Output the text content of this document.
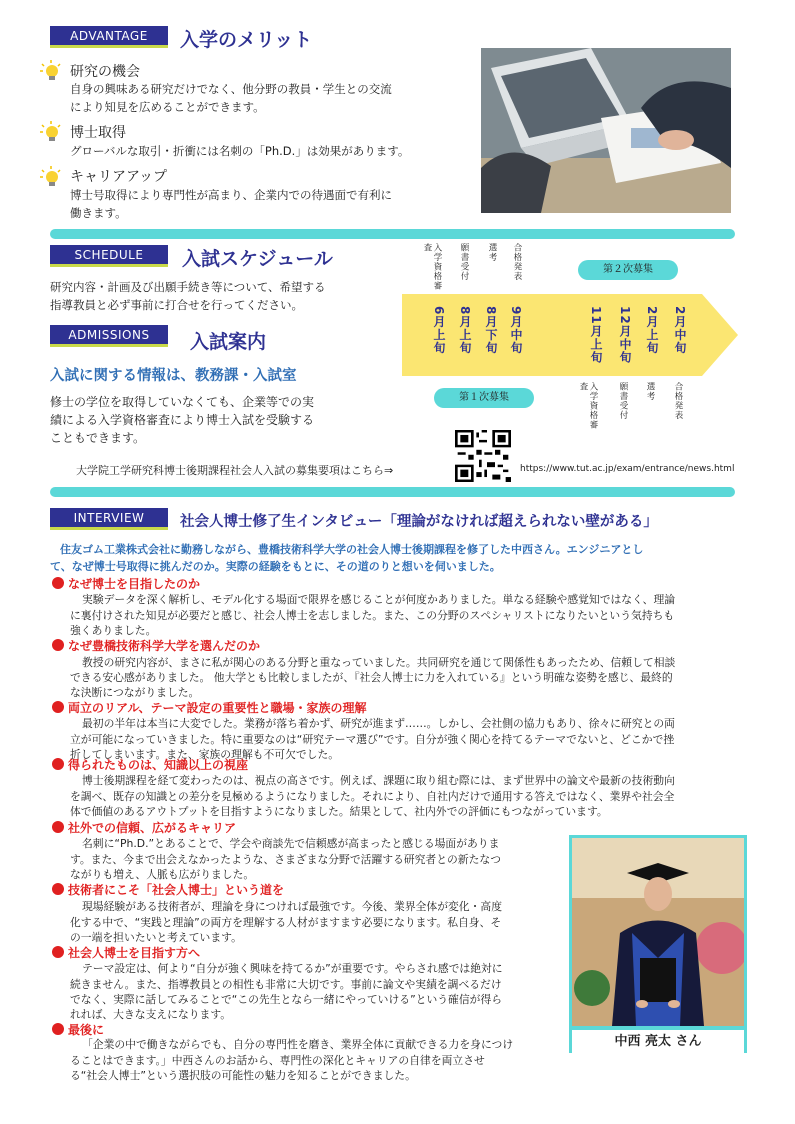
ADVANTAGE	入学のメリット
研究の機会
自身の興味ある研究だけでなく、他分野の教員・学生との交流
により知見を広めることができます。
博士取得
グローバルな取引・折衝には名刺の「Ph.D.」は効果があります。
キャリアアップ
博士号取得により専門性が高まり、企業内での待遇面で有利に
働きます。
SCHEDULE	入試スケジュール
研究内容・計画及び出願手続き等について、希望する
指導教員と必ず事前に打合せを行ってください。
ADMISSIONS	入試案内
入試に関する情報は、教務課・入試室
修士の学位を取得していなくても、企業等での実
績による入学資格審査により博士入試を受験する
こともできます。
入学資格審査	願書受付 選考 合格発表	第２次募集
6月上旬 8月上旬 8月下旬 9月中旬	11月上旬 12月中旬 2月上旬 2月中旬
第１次募集	入学資格審査	願書受付 選考 合格発表
大学院工学研究科博士後期課程社会人入試の募集要項はこちら⇒	https://www.tut.ac.jp/exam/entrance/news.html
INTERVIEW	社会人博士修了生インタビュー「理論がなければ超えられない壁がある」
住友ゴム工業株式会社に勤務しながら、豊橋技術科学大学の社会人博士後期課程を修了した中西さん。エンジニアとし
て、なぜ博士号取得に挑んだのか。実際の経験をもとに、その道のりと想いを伺いました。
なぜ博士を目指したのか
実験データを深く解析し、モデル化する場面で限界を感じることが何度かありました。単なる経験や感覚知ではなく、理論
に裏付けされた知見が必要だと感じ、社会人博士を志しました。また、この分野のスペシャリストになりたいという気持ちも
強くありました。
なぜ豊橋技術科学大学を選んだのか
教授の研究内容が、まさに私が関心のある分野と重なっていました。共同研究を通じて関係性もあったため、信頼して相談
できる安心感がありました。 他大学とも比較しましたが、『社会人博士に力を入れている』という明確な姿勢を感じ、最終的
な決断につながりました。
両立のリアル、テーマ設定の重要性と職場・家族の理解
最初の半年は本当に大変でした。業務が落ち着かず、研究が進まず……。しかし、会社側の協力もあり、徐々に研究との両
立が可能になっていきました。特に重要なのは“研究テーマ選び”です。自分が強く関心を持てるテーマでないと、どこかで挫
折してしまいます。また、家族の理解も不可欠でした。
得られたものは、知識以上の視座
博士後期課程を経て変わったのは、視点の高さです。例えば、課題に取り組む際には、まず世界中の論文や最新の技術動向
を調べ、既存の知識との差分を見極めるようになりました。それにより、自社内だけで通用する答えではなく、業界や社会全
体で価値のあるアウトプットを目指すようになりました。結果として、社内外での評価にもつながっています。
社外での信頼、広がるキャリア
名刺に“Ph.D.”とあることで、学会や商談先で信頼感が高まったと感じる場面がありま
す。また、今まで出会えなかったような、さまざまな分野で活躍する研究者との新たなつ
ながりも増え、人脈も広がりました。
技術者にこそ「社会人博士」という道を
現場経験がある技術者が、理論を身につければ最強です。今後、業界全体が変化・高度
化する中で、“実践と理論”の両方を理解する人材がますます必要になります。私自身、そ
の一端を担いたいと考えています。
社会人博士を目指す方へ
テーマ設定は、何より“自分が強く興味を持てるか”が重要です。やらされ感では絶対に
続きません。また、指導教員との相性も非常に大切です。事前に論文や実績を調べるだけ
でなく、実際に話してみることで“この先生となら一緒にやっていける”という確信が得ら
れれば、大きな支えになります。
最後に
「企業の中で働きながらでも、自分の専門性を磨き、業界全体に貢献できる力を身につけ
ることはできます。」中西さんのお話から、専門性の深化とキャリアの自律を両立させ
る“社会人博士”という選択肢の可能性の魅力を知ることができました。
中西 亮太 さん
